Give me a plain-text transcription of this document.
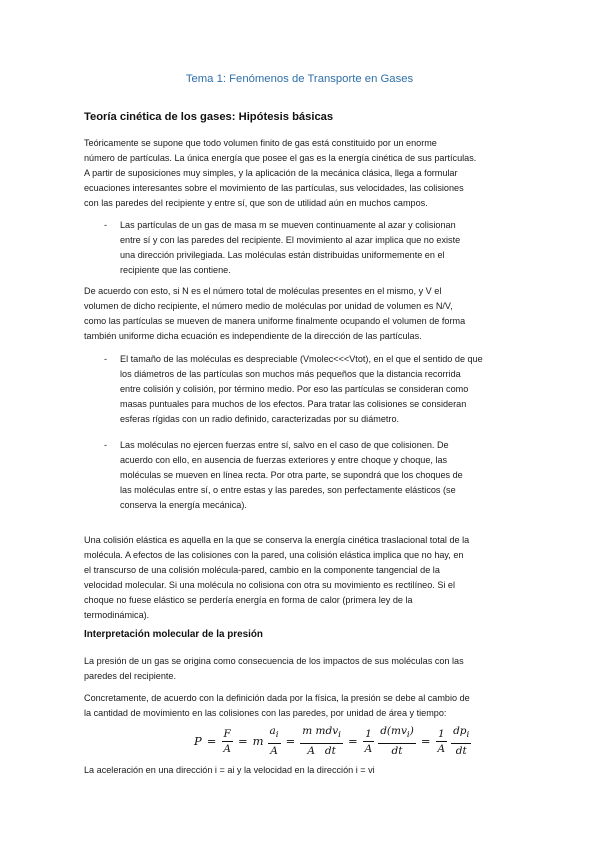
Tema 1: Fenómenos de Transporte en Gases
Teoría cinética de los gases: Hipótesis básicas
Teóricamente se supone que todo volumen finito de gas está constituido por un enorme
número de partículas. La única energía que posee el gas es la energía cinética de sus partículas.
A partir de suposiciones muy simples, y la aplicación de la mecánica clásica, llega a formular
ecuaciones interesantes sobre el movimiento de las partículas, sus velocidades, las colisiones
con las paredes del recipiente y entre sí, que son de utilidad aún en muchos campos.
- Las partículas de un gas de masa m se mueven continuamente al azar y colisionan
entre sí y con las paredes del recipiente. El movimiento al azar implica que no existe
una dirección privilegiada. Las moléculas están distribuidas uniformemente en el
recipiente que las contiene.
De acuerdo con esto, si N es el número total de moléculas presentes en el mismo, y V el
volumen de dicho recipiente, el número medio de moléculas por unidad de volumen es N/V,
como las partículas se mueven de manera uniforme finalmente ocupando el volumen de forma
también uniforme dicha ecuación es independiente de la dirección de las partículas.
- El tamaño de las moléculas es despreciable (Vmolec<<<Vtot), en el que el sentido de que
los diámetros de las partículas son muchos más pequeños que la distancia recorrida
entre colisión y colisión, por término medio. Por eso las partículas se consideran como
masas puntuales para muchos de los efectos. Para tratar las colisiones se consideran
esferas rígidas con un radio definido, caracterizadas por su diámetro.
- Las moléculas no ejercen fuerzas entre sí, salvo en el caso de que colisionen. De
acuerdo con ello, en ausencia de fuerzas exteriores y entre choque y choque, las
moléculas se mueven en línea recta. Por otra parte, se supondrá que los choques de
las moléculas entre sí, o entre estas y las paredes, son perfectamente elásticos (se
conserva la energía mecánica).
Una colisión elástica es aquella en la que se conserva la energía cinética traslacional total de la
molécula. A efectos de las colisiones con la pared, una colisión elástica implica que no hay, en
el transcurso de una colisión molécula-pared, cambio en la componente tangencial de la
velocidad molecular. Si una molécula no colisiona con otra su movimiento es rectilíneo. Si el
choque no fuese elástico se perdería energía en forma de calor (primera ley de la
termodinámica).
Interpretación molecular de la presión
La presión de un gas se origina como consecuencia de los impactos de sus moléculas con las
paredes del recipiente.
Concretamente, de acuerdo con la definición dada por la física, la presión se debe al cambio de
la cantidad de movimiento en las colisiones con las paredes, por unidad de área y tiempo:
$P = \frac{F}{A} = m \frac{a_i}{A} = \frac{m mdv_i}{\text{A   dt}} = \frac{1}{A} \frac{d(mv_i)}{dt} = \frac{1}{A} \frac{dp_i}{dt}$
La aceleración en una dirección i = ai y la velocidad en la dirección i = vi
